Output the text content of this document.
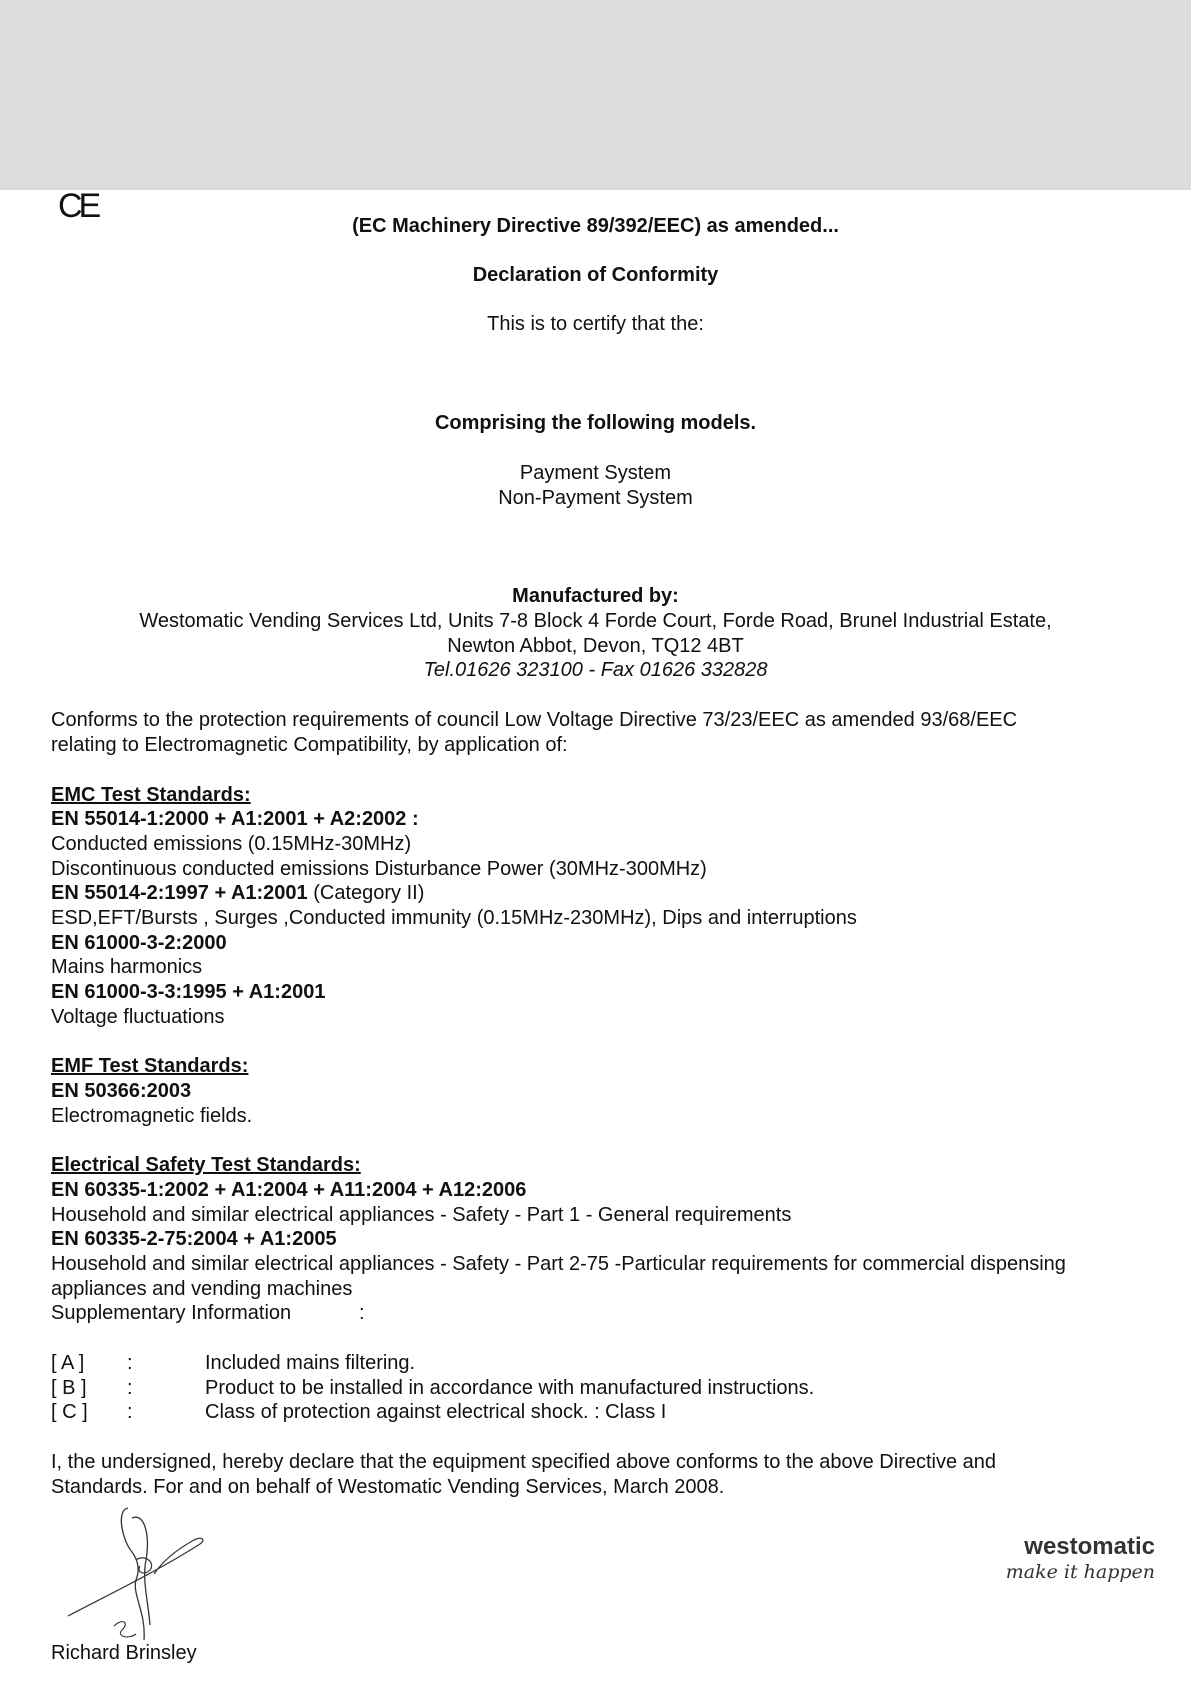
CE
(EC Machinery Directive 89/392/EEC) as amended...
Declaration of Conformity
This is to certify that the:
Comprising the following models.
Payment System
Non-Payment System
Manufactured by:
Westomatic Vending Services Ltd, Units 7-8 Block 4 Forde Court, Forde Road, Brunel Industrial Estate,
Newton Abbot, Devon, TQ12 4BT
Tel.01626 323100 - Fax 01626 332828
Conforms to the protection requirements of council Low Voltage Directive 73/23/EEC as amended 93/68/EEC
relating to Electromagnetic Compatibility, by application of:
EMC Test Standards:
EN 55014-1:2000 + A1:2001 + A2:2002 :
Conducted emissions (0.15MHz-30MHz)
Discontinuous conducted emissions Disturbance Power (30MHz-300MHz)
EN 55014-2:1997 + A1:2001 (Category II)
ESD,EFT/Bursts , Surges ,Conducted immunity (0.15MHz-230MHz), Dips and interruptions
EN 61000-3-2:2000
Mains harmonics
EN 61000-3-3:1995 + A1:2001
Voltage fluctuations
EMF Test Standards:
EN 50366:2003
Electromagnetic fields.
Electrical Safety Test Standards:
EN 60335-1:2002 + A1:2004 + A11:2004 + A12:2006
Household and similar electrical appliances - Safety - Part 1 - General requirements
EN 60335-2-75:2004 + A1:2005
Household and similar electrical appliances - Safety - Part 2-75 -Particular requirements for commercial dispensing
appliances and vending machines
Supplementary Information	:
[ A ] :	Included mains filtering.
[ B ] :	Product to be installed in accordance with manufactured instructions.
[ C ] :	Class of protection against electrical shock. : Class I
I, the undersigned, hereby declare that the equipment specified above conforms to the above Directive and
Standards. For and on behalf of Westomatic Vending Services, March 2008.
Richard Brinsley
westomatic
make it happen
